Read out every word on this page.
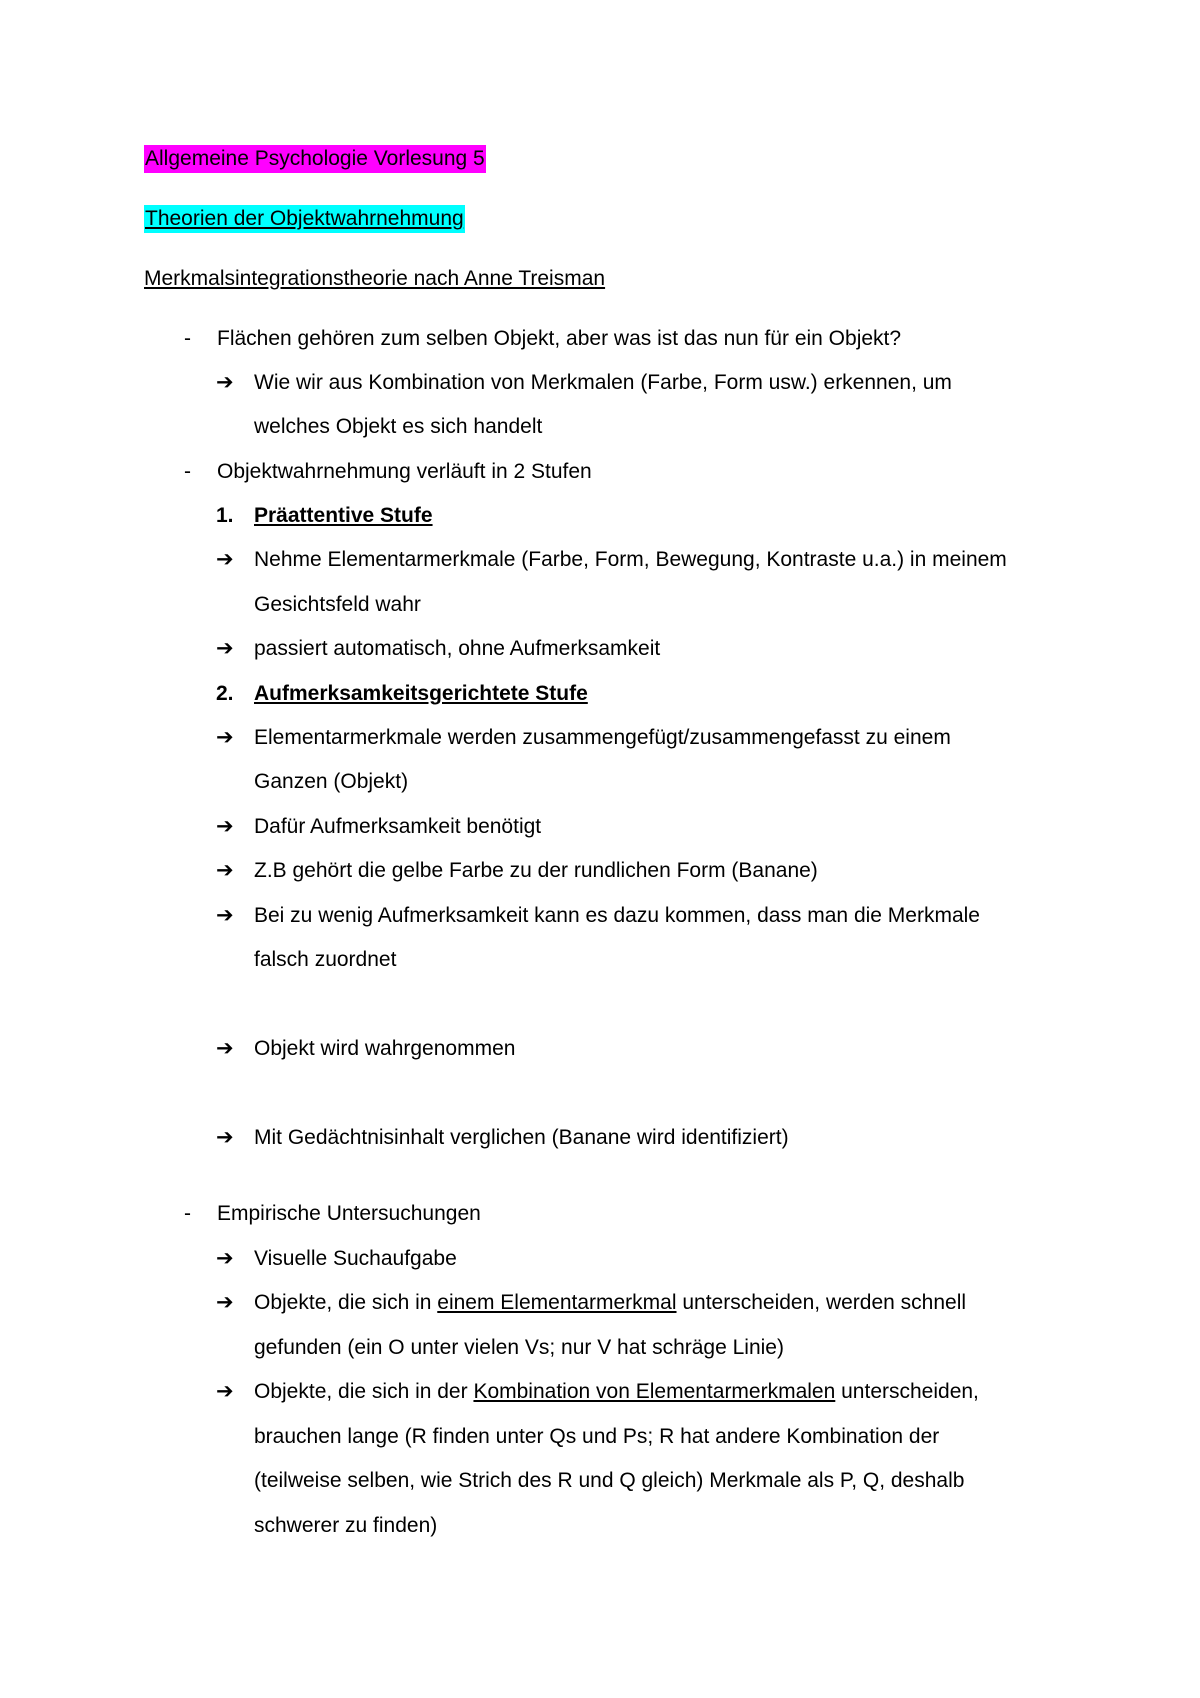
Allgemeine Psychologie Vorlesung 5
Theorien der Objektwahrnehmung
Merkmalsintegrationstheorie nach Anne Treisman
-	Flächen gehören zum selben Objekt, aber was ist das nun für ein Objekt?
➔ Wie wir aus Kombination von Merkmalen (Farbe, Form usw.) erkennen, um
welches Objekt es sich handelt
-	Objektwahrnehmung verläuft in 2 Stufen
1. Präattentive Stufe
➔ Nehme Elementarmerkmale (Farbe, Form, Bewegung, Kontraste u.a.) in meinem
Gesichtsfeld wahr
➔ passiert automatisch, ohne Aufmerksamkeit
2. Aufmerksamkeitsgerichtete Stufe
➔ Elementarmerkmale werden zusammengefügt/zusammengefasst zu einem
Ganzen (Objekt)
➔ Dafür Aufmerksamkeit benötigt
➔ Z.B gehört die gelbe Farbe zu der rundlichen Form (Banane)
➔ Bei zu wenig Aufmerksamkeit kann es dazu kommen, dass man die Merkmale
falsch zuordnet
➔ Objekt wird wahrgenommen
➔ Mit Gedächtnisinhalt verglichen (Banane wird identifiziert)
-	Empirische Untersuchungen
➔ Visuelle Suchaufgabe
➔ Objekte, die sich in einem Elementarmerkmal unterscheiden, werden schnell
gefunden (ein O unter vielen Vs; nur V hat schräge Linie)
➔ Objekte, die sich in der Kombination von Elementarmerkmalen unterscheiden,
brauchen lange (R finden unter Qs und Ps; R hat andere Kombination der
(teilweise selben, wie Strich des R und Q gleich) Merkmale als P, Q, deshalb
schwerer zu finden)
